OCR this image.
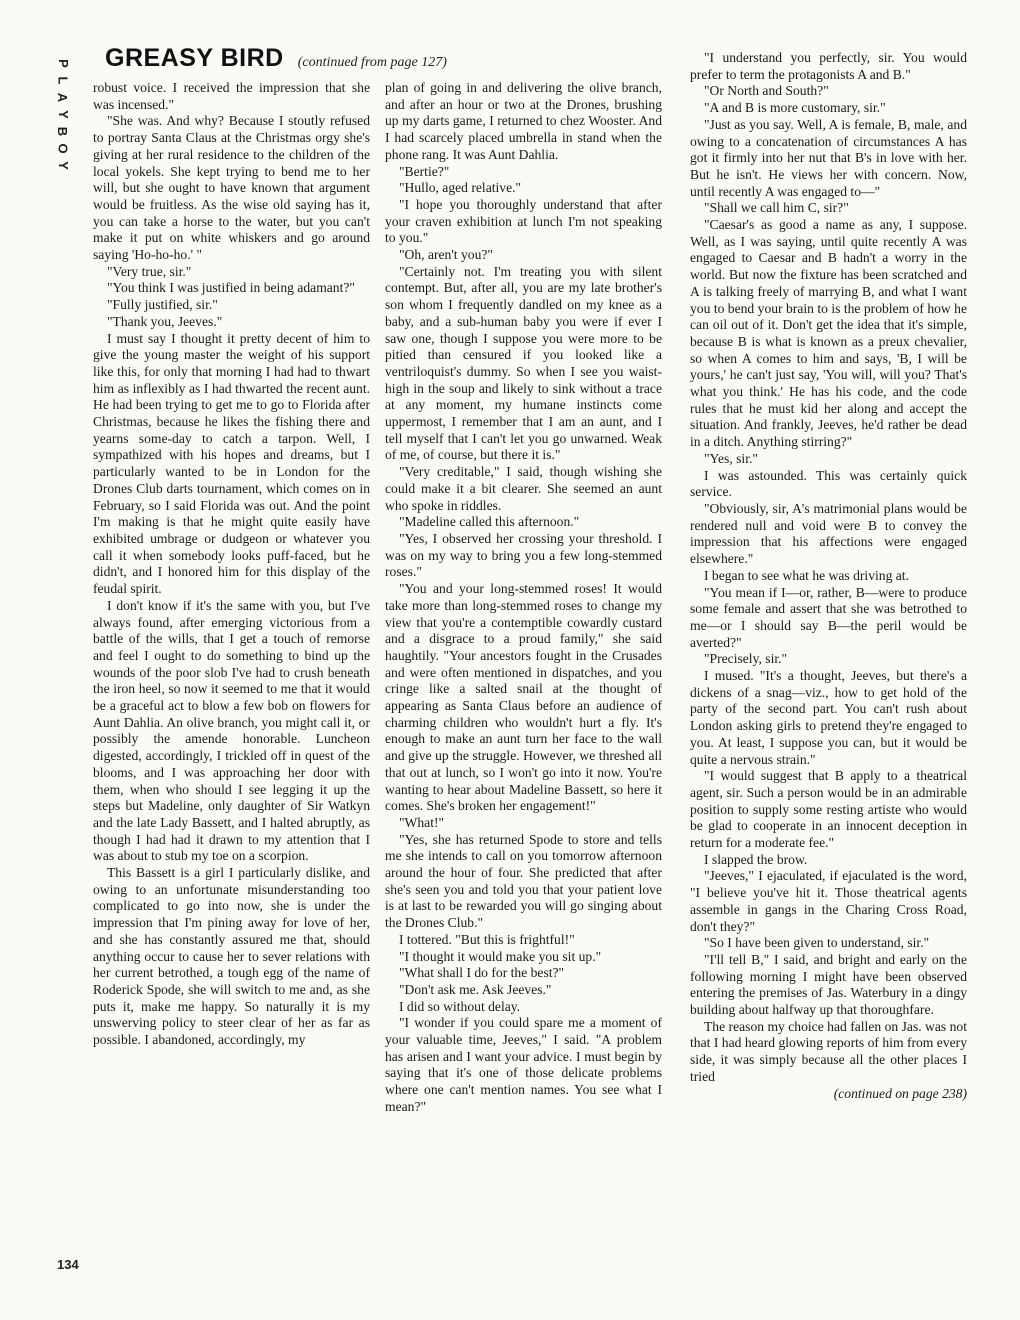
P
L
A
Y
B
O
Y
GREASY BIRD (continued from page 127)

robust voice. I received the impression that she was incensed."

"She was. And why? Because I stoutly refused to portray Santa Claus at the Christmas orgy she's giving at her rural residence to the children of the local yokels. She kept trying to bend me to her will, but she ought to have known that argument would be fruitless. As the wise old saying has it, you can take a horse to the water, but you can't make it put on white whiskers and go around saying 'Ho-ho-ho.' "

"Very true, sir."

"You think I was justified in being adamant?"

"Fully justified, sir."

"Thank you, Jeeves."

I must say I thought it pretty decent of him to give the young master the weight of his support like this, for only that morning I had had to thwart him as inflexibly as I had thwarted the recent aunt. He had been trying to get me to go to Florida after Christmas, because he likes the fishing there and yearns some-day to catch a tarpon. Well, I sympathized with his hopes and dreams, but I particularly wanted to be in London for the Drones Club darts tournament, which comes on in February, so I said Florida was out. And the point I'm making is that he might quite easily have exhibited umbrage or dudgeon or whatever you call it when somebody looks puff-faced, but he didn't, and I honored him for this display of the feudal spirit.

I don't know if it's the same with you, but I've always found, after emerging victorious from a battle of the wills, that I get a touch of remorse and feel I ought to do something to bind up the wounds of the poor slob I've had to crush beneath the iron heel, so now it seemed to me that it would be a graceful act to blow a few bob on flowers for Aunt Dahlia. An olive branch, you might call it, or possibly the amende honorable. Luncheon digested, accordingly, I trickled off in quest of the blooms, and I was approaching her door with them, when who should I see legging it up the steps but Madeline, only daughter of Sir Watkyn and the late Lady Bassett, and I halted abruptly, as though I had had it drawn to my attention that I was about to stub my toe on a scorpion.

This Bassett is a girl I particularly dislike, and owing to an unfortunate misunderstanding too complicated to go into now, she is under the impression that I'm pining away for love of her, and she has constantly assured me that, should anything occur to cause her to sever relations with her current betrothed, a tough egg of the name of Roderick Spode, she will switch to me and, as she puts it, make me happy. So naturally it is my unswerving policy to steer clear of her as far as possible. I abandoned, accordingly, my

plan of going in and delivering the olive branch, and after an hour or two at the Drones, brushing up my darts game, I returned to chez Wooster. And I had scarcely placed umbrella in stand when the phone rang. It was Aunt Dahlia.

"Bertie?"

"Hullo, aged relative."

"I hope you thoroughly understand that after your craven exhibition at lunch I'm not speaking to you."

"Oh, aren't you?"

"Certainly not. I'm treating you with silent contempt. But, after all, you are my late brother's son whom I frequently dandled on my knee as a baby, and a sub-human baby you were if ever I saw one, though I suppose you were more to be pitied than censured if you looked like a ventriloquist's dummy. So when I see you waist-high in the soup and likely to sink without a trace at any moment, my humane instincts come uppermost, I remember that I am an aunt, and I tell myself that I can't let you go unwarned. Weak of me, of course, but there it is."

"Very creditable," I said, though wishing she could make it a bit clearer. She seemed an aunt who spoke in riddles.

"Madeline called this afternoon."

"Yes, I observed her crossing your threshold. I was on my way to bring you a few long-stemmed roses."

"You and your long-stemmed roses! It would take more than long-stemmed roses to change my view that you're a contemptible cowardly custard and a disgrace to a proud family," she said haughtily. "Your ancestors fought in the Crusades and were often mentioned in dispatches, and you cringe like a salted snail at the thought of appearing as Santa Claus before an audience of charming children who wouldn't hurt a fly. It's enough to make an aunt turn her face to the wall and give up the struggle. However, we threshed all that out at lunch, so I won't go into it now. You're wanting to hear about Madeline Bassett, so here it comes. She's broken her engagement!"

"What!"

"Yes, she has returned Spode to store and tells me she intends to call on you tomorrow afternoon around the hour of four. She predicted that after she's seen you and told you that your patient love is at last to be rewarded you will go singing about the Drones Club."

I tottered. "But this is frightful!"

"I thought it would make you sit up."

"What shall I do for the best?"

"Don't ask me. Ask Jeeves."

I did so without delay.

"I wonder if you could spare me a moment of your valuable time, Jeeves," I said. "A problem has arisen and I want your advice. I must begin by saying that it's one of those delicate problems where one can't mention names. You see what I mean?"

"I understand you perfectly, sir. You would prefer to term the protagonists A and B."

"Or North and South?"

"A and B is more customary, sir."

"Just as you say. Well, A is female, B, male, and owing to a concatenation of circumstances A has got it firmly into her nut that B's in love with her. But he isn't. He views her with concern. Now, until recently A was engaged to—"

"Shall we call him C, sir?"

"Caesar's as good a name as any, I suppose. Well, as I was saying, until quite recently A was engaged to Caesar and B hadn't a worry in the world. But now the fixture has been scratched and A is talking freely of marrying B, and what I want you to bend your brain to is the problem of how he can oil out of it. Don't get the idea that it's simple, because B is what is known as a preux chevalier, so when A comes to him and says, 'B, I will be yours,' he can't just say, 'You will, will you? That's what you think.' He has his code, and the code rules that he must kid her along and accept the situation. And frankly, Jeeves, he'd rather be dead in a ditch. Anything stirring?"

"Yes, sir."

I was astounded. This was certainly quick service.

"Obviously, sir, A's matrimonial plans would be rendered null and void were B to convey the impression that his affections were engaged elsewhere."

I began to see what he was driving at.

"You mean if I—or, rather, B—were to produce some female and assert that she was betrothed to me—or I should say B—the peril would be averted?"

"Precisely, sir."

I mused. "It's a thought, Jeeves, but there's a dickens of a snag—viz., how to get hold of the party of the second part. You can't rush about London asking girls to pretend they're engaged to you. At least, I suppose you can, but it would be quite a nervous strain."

"I would suggest that B apply to a theatrical agent, sir. Such a person would be in an admirable position to supply some resting artiste who would be glad to cooperate in an innocent deception in return for a moderate fee."

I slapped the brow.

"Jeeves," I ejaculated, if ejaculated is the word, "I believe you've hit it. Those theatrical agents assemble in gangs in the Charing Cross Road, don't they?"

"So I have been given to understand, sir."

"I'll tell B," I said, and bright and early on the following morning I might have been observed entering the premises of Jas. Waterbury in a dingy building about halfway up that thoroughfare.

The reason my choice had fallen on Jas. was not that I had heard glowing reports of him from every side, it was simply because all the other places I tried

(continued on page 238)

134
